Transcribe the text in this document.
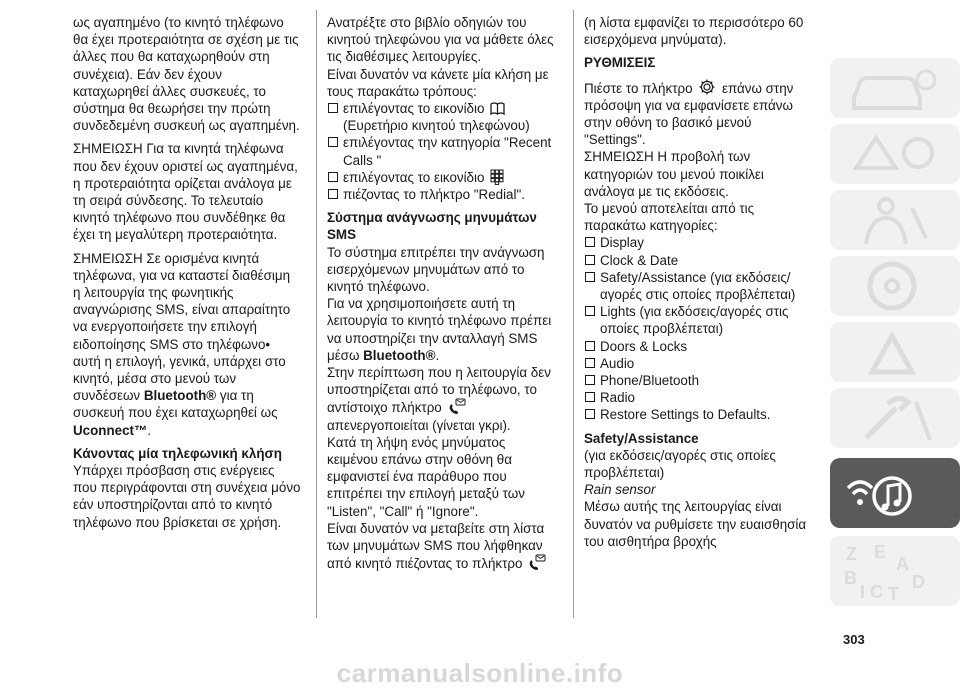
ως αγαπημένο (το κινητό τηλέφωνο θα έχει προτεραιότητα σε σχέση με τις άλλες που θα καταχωρηθούν στη συνέχεια). Εάν δεν έχουν καταχωρηθεί άλλες συσκευές, το σύστημα θα θεωρήσει την πρώτη συνδεδεμένη συσκευή ως αγαπημένη.

ΣΗΜΕΙΩΣΗ Για τα κινητά τηλέφωνα που δεν έχουν οριστεί ως αγαπημένα, η προτεραιότητα ορίζεται ανάλογα με τη σειρά σύνδεσης. Το τελευταίο κινητό τηλέφωνο που συνδέθηκε θα έχει τη μεγαλύτερη προτεραιότητα.

ΣΗΜΕΙΩΣΗ Σε ορισμένα κινητά τηλέφωνα, για να καταστεί διαθέσιμη η λειτουργία της φωνητικής αναγνώρισης SMS, είναι απαραίτητο να ενεργοποιήσετε την επιλογή ειδοποίησης SMS στο τηλέφωνο• αυτή η επιλογή, γενικά, υπάρχει στο κινητό, μέσα στο μενού των συνδέσεων Bluetooth® για τη συσκευή που έχει καταχωρηθεί ως Uconnect™.

Κάνοντας μία τηλεφωνική κλήση

Υπάρχει πρόσβαση στις ενέργειες που περιγράφονται στη συνέχεια μόνο εάν υποστηρίζονται από το κινητό τηλέφωνο που βρίσκεται σε χρήση.

Ανατρέξτε στο βιβλίο οδηγιών του κινητού τηλεφώνου για να μάθετε όλες τις διαθέσιμες λειτουργίες.

Είναι δυνατόν να κάνετε μία κλήση με τους παρακάτω τρόπους:

επιλέγοντας το εικονίδιο
(Ευρετήριο κινητού τηλεφώνου)
επιλέγοντας την κατηγορία "Recent Calls "
επιλέγοντας το εικονίδιο
πιέζοντας το πλήκτρο "Redial".

Σύστημα ανάγνωσης μηνυμάτων SMS

Το σύστημα επιτρέπει την ανάγνωση εισερχόμενων μηνυμάτων από το κινητό τηλέφωνο.

Για να χρησιμοποιήσετε αυτή τη λειτουργία το κινητό τηλέφωνο πρέπει να υποστηρίζει την ανταλλαγή SMS μέσω Bluetooth®.

Στην περίπτωση που η λειτουργία δεν υποστηρίζεται από το τηλέφωνο, το αντίστοιχο πλήκτρο
απενεργοποιείται (γίνεται γκρι).

Κατά τη λήψη ενός μηνύματος κειμένου επάνω στην οθόνη θα εμφανιστεί ένα παράθυρο που επιτρέπει την επιλογή μεταξύ των "Listen", "Call" ή "Ignore".

Είναι δυνατόν να μεταβείτε στη λίστα των μηνυμάτων SMS που λήφθηκαν από κινητό πιέζοντας το πλήκτρο

(η λίστα εμφανίζει το περισσότερο 60 εισερχόμενα μηνύματα).

ΡΥΘΜΙΣΕΙΣ

Πιέστε το πλήκτρο επάνω στην πρόσοψη για να εμφανίσετε επάνω στην οθόνη το βασικό μενού "Settings".

ΣΗΜΕΙΩΣΗ Η προβολή των κατηγοριών του μενού ποικίλει ανάλογα με τις εκδόσεις.

Το μενού αποτελείται από τις παρακάτω κατηγορίες:

Display
Clock & Date
Safety/Assistance (για εκδόσεις/αγορές στις οποίες προβλέπεται)
Lights (για εκδόσεις/αγορές στις οποίες προβλέπεται)
Doors & Locks
Audio
Phone/Bluetooth
Radio
Restore Settings to Defaults.

Safety/Assistance

(για εκδόσεις/αγορές στις οποίες προβλέπεται)

Rain sensor

Μέσω αυτής της λειτουργίας είναι δυνατόν να ρυθμίσετε την ευαισθησία του αισθητήρα βροχής

Z E
A
B
C
I T
D
303
carmanualsonline.info
